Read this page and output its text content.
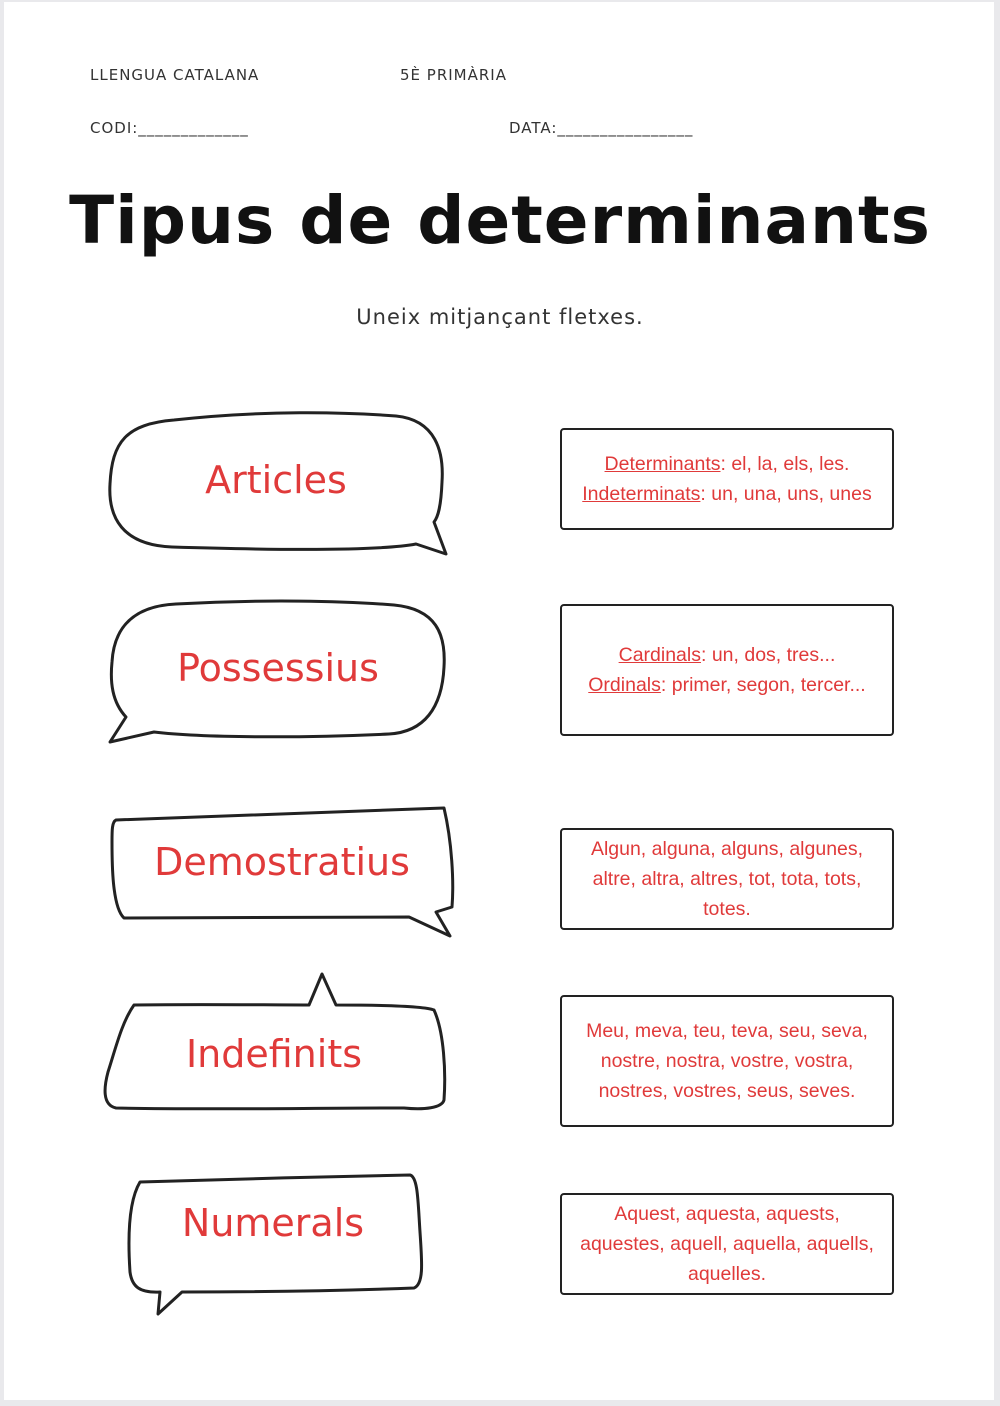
LLENGUA CATALANA	5È PRIMÀRIA
CODI:_____________	DATA:________________
Tipus de determinants
Uneix mitjançant fletxes.
Articles
Possessius
Demostratius
Indefinits
Numerals
Determinants: el, la, els, les.
Indeterminats: un, una, uns, unes
Cardinals: un, dos, tres...
Ordinals: primer, segon, tercer...
Algun, alguna, alguns, algunes, altre, altra, altres, tot, tota, tots, totes.
Meu, meva, teu, teva, seu, seva, nostre, nostra, vostre, vostra, nostres, vostres, seus, seves.
Aquest, aquesta, aquests, aquestes, aquell, aquella, aquells, aquelles.
